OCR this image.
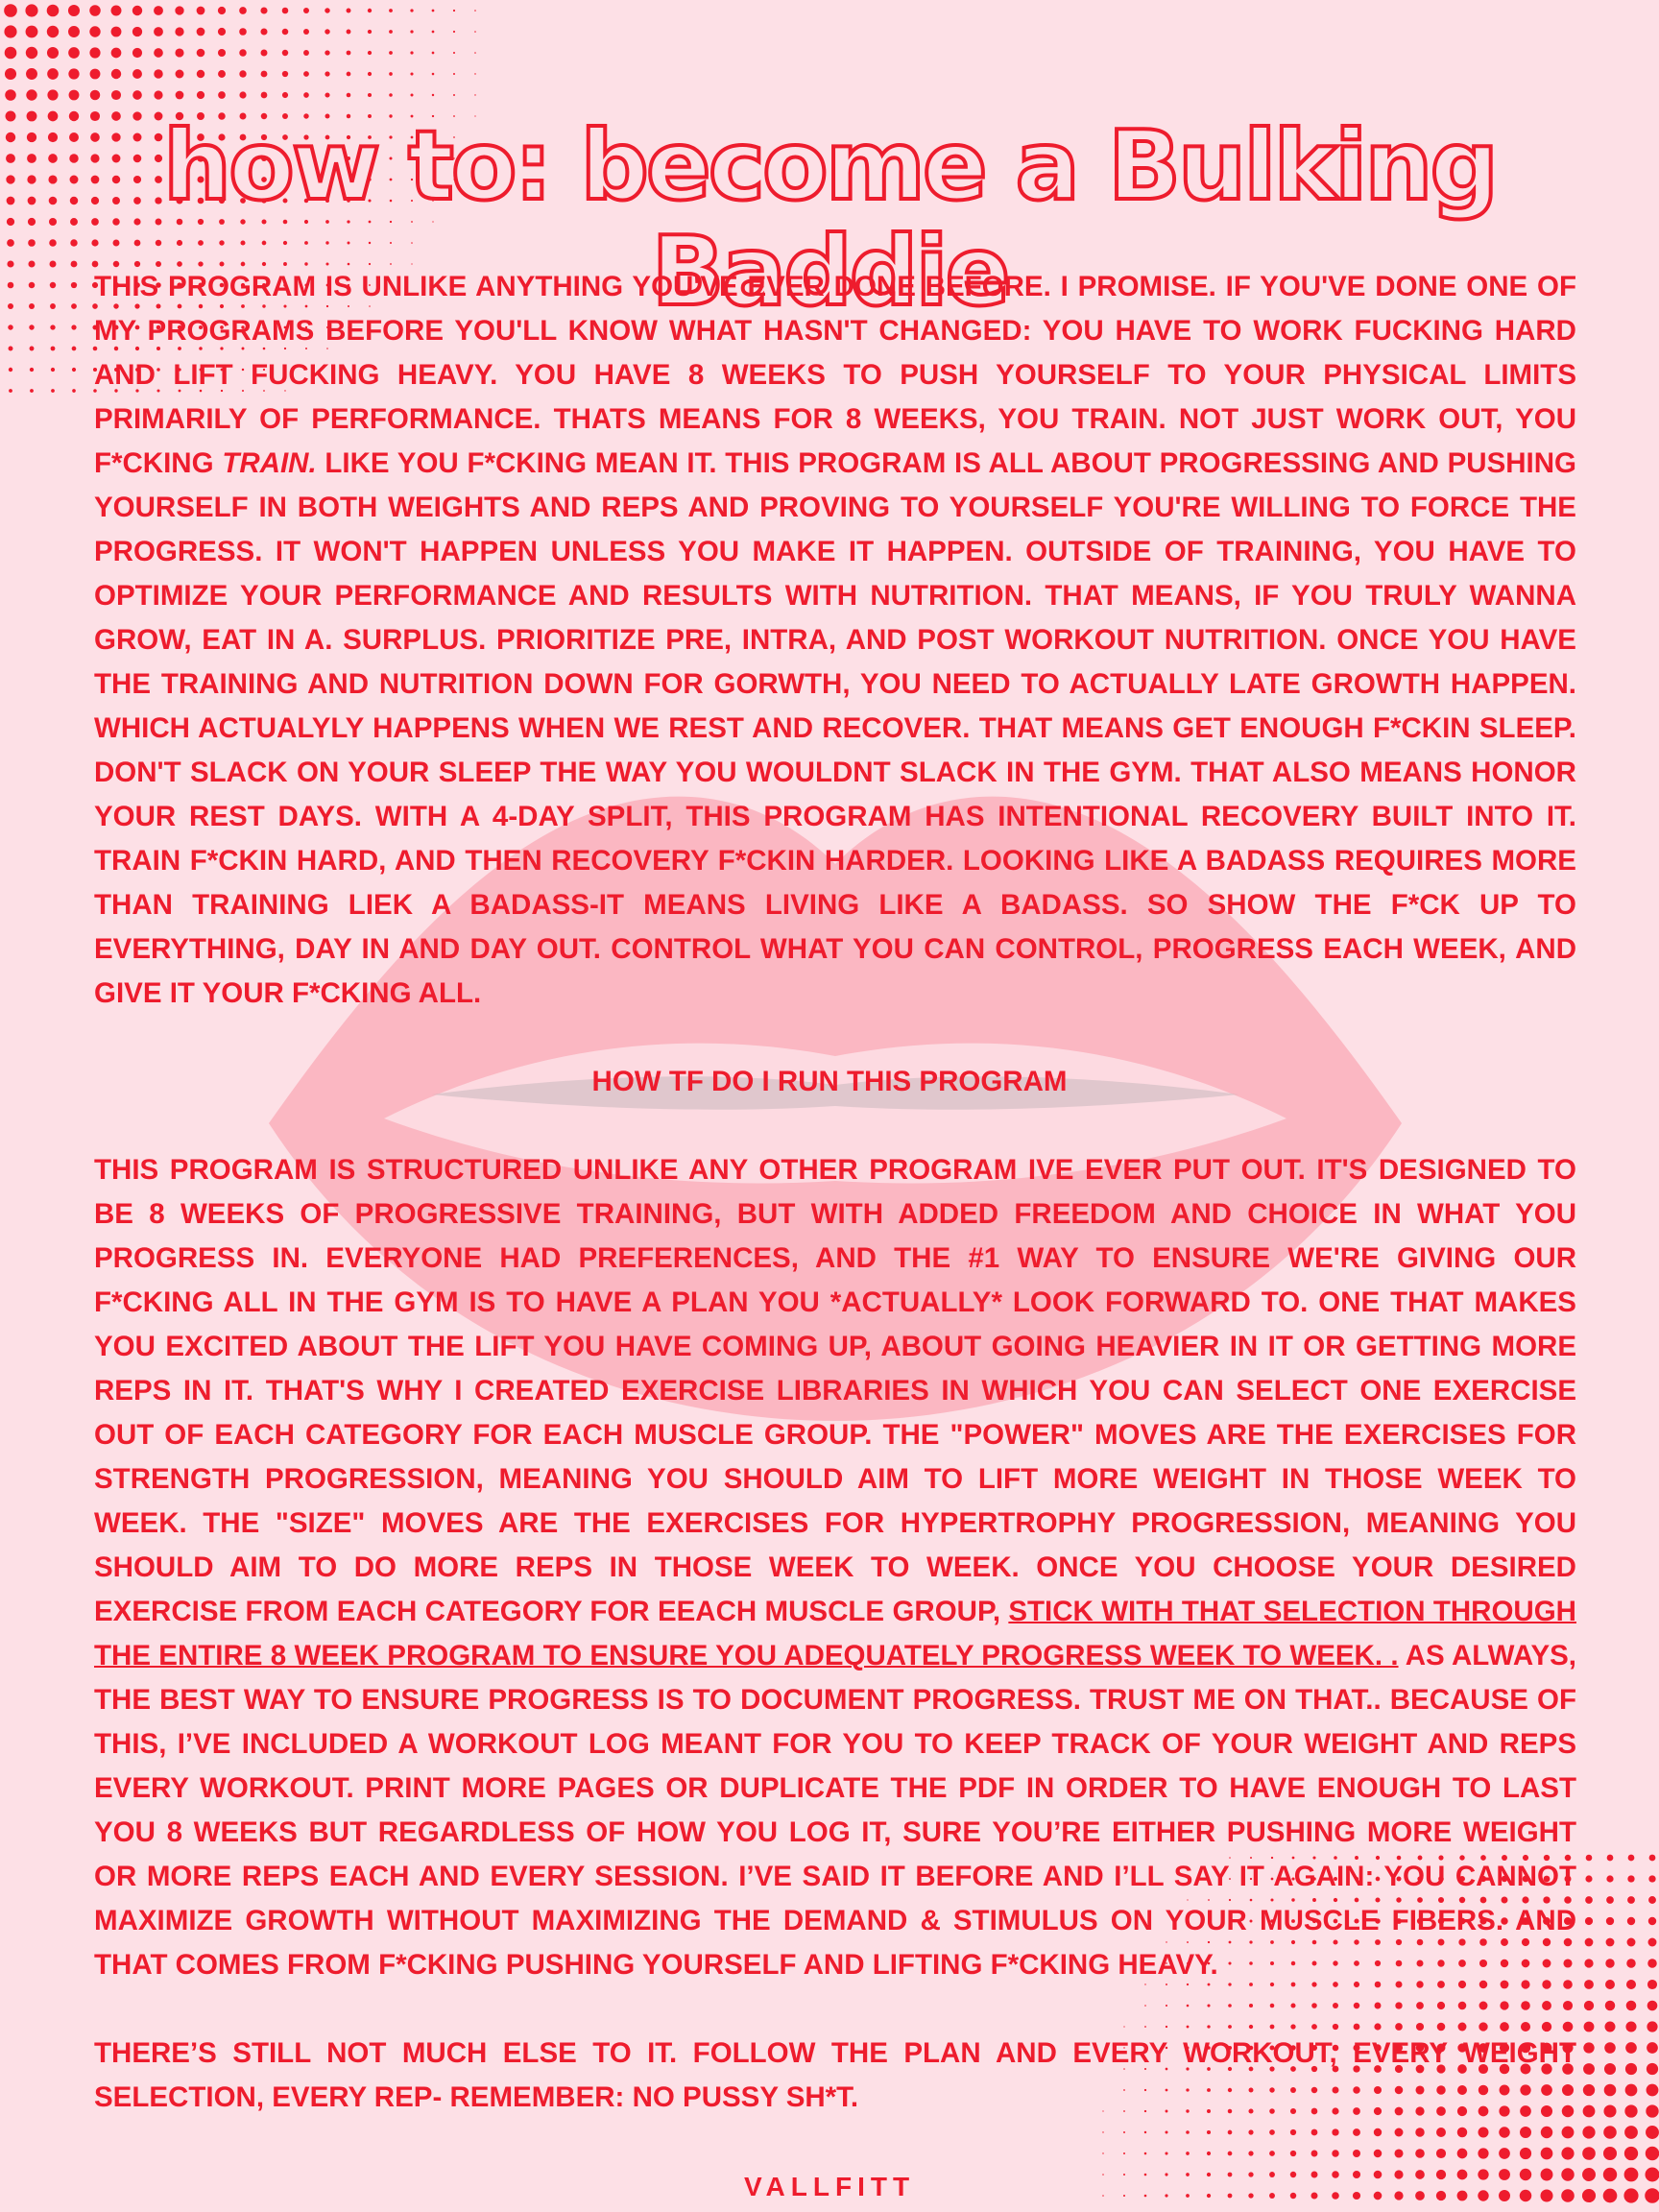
how to: become a Bulking Baddie

THIS PROGRAM IS UNLIKE ANYTHING YOU'VE EVER DONE BEFORE. I PROMISE. IF YOU'VE DONE ONE OF MY PROGRAMS BEFORE YOU'LL KNOW WHAT HASN'T CHANGED: YOU HAVE TO WORK FUCKING HARD AND LIFT FUCKING HEAVY. YOU HAVE 8 WEEKS TO PUSH YOURSELF TO YOUR PHYSICAL LIMITS PRIMARILY OF PERFORMANCE. THATS MEANS FOR 8 WEEKS, YOU TRAIN. NOT JUST WORK OUT, YOU F*CKING TRAIN. LIKE YOU F*CKING MEAN IT. THIS PROGRAM IS ALL ABOUT PROGRESSING AND PUSHING YOURSELF IN BOTH WEIGHTS AND REPS AND PROVING TO YOURSELF YOU'RE WILLING TO FORCE THE PROGRESS. IT WON'T HAPPEN UNLESS YOU MAKE IT HAPPEN. OUTSIDE OF TRAINING, YOU HAVE TO OPTIMIZE YOUR PERFORMANCE AND RESULTS WITH NUTRITION. THAT MEANS, IF YOU TRULY WANNA GROW, EAT IN A. SURPLUS. PRIORITIZE PRE, INTRA, AND POST WORKOUT NUTRITION. ONCE YOU HAVE THE TRAINING AND NUTRITION DOWN FOR GORWTH, YOU NEED TO ACTUALLY LATE GROWTH HAPPEN. WHICH ACTUALYLY HAPPENS WHEN WE REST AND RECOVER. THAT MEANS GET ENOUGH F*CKIN SLEEP. DON'T SLACK ON YOUR SLEEP THE WAY YOU WOULDNT SLACK IN THE GYM. THAT ALSO MEANS HONOR YOUR REST DAYS. WITH A 4-DAY SPLIT, THIS PROGRAM HAS INTENTIONAL RECOVERY BUILT INTO IT. TRAIN F*CKIN HARD, AND THEN RECOVERY F*CKIN HARDER. LOOKING LIKE A BADASS REQUIRES MORE THAN TRAINING LIEK A BADASS-IT MEANS LIVING LIKE A BADASS. SO SHOW THE F*CK UP TO EVERYTHING, DAY IN AND DAY OUT. CONTROL WHAT YOU CAN CONTROL, PROGRESS EACH WEEK, AND GIVE IT YOUR F*CKING ALL.

HOW TF DO I RUN THIS PROGRAM

THIS PROGRAM IS STRUCTURED UNLIKE ANY OTHER PROGRAM IVE EVER PUT OUT. IT'S DESIGNED TO BE 8 WEEKS OF PROGRESSIVE TRAINING, BUT WITH ADDED FREEDOM AND CHOICE IN WHAT YOU PROGRESS IN. EVERYONE HAD PREFERENCES, AND THE #1 WAY TO ENSURE WE'RE GIVING OUR F*CKING ALL IN THE GYM IS TO HAVE A PLAN YOU *ACTUALLY* LOOK FORWARD TO. ONE THAT MAKES YOU EXCITED ABOUT THE LIFT YOU HAVE COMING UP, ABOUT GOING HEAVIER IN IT OR GETTING MORE REPS IN IT. THAT'S WHY I CREATED EXERCISE LIBRARIES IN WHICH YOU CAN SELECT ONE EXERCISE OUT OF EACH CATEGORY FOR EACH MUSCLE GROUP. THE "POWER" MOVES ARE THE EXERCISES FOR STRENGTH PROGRESSION, MEANING YOU SHOULD AIM TO LIFT MORE WEIGHT IN THOSE WEEK TO WEEK. THE "SIZE" MOVES ARE THE EXERCISES FOR HYPERTROPHY PROGRESSION, MEANING YOU SHOULD AIM TO DO MORE REPS IN THOSE WEEK TO WEEK. ONCE YOU CHOOSE YOUR DESIRED EXERCISE FROM EACH CATEGORY FOR EEACH MUSCLE GROUP, STICK WITH THAT SELECTION THROUGH THE ENTIRE 8 WEEK PROGRAM TO ENSURE YOU ADEQUATELY PROGRESS WEEK TO WEEK. . AS ALWAYS, THE BEST WAY TO ENSURE PROGRESS IS TO DOCUMENT PROGRESS. TRUST ME ON THAT.. BECAUSE OF THIS, I’VE INCLUDED A WORKOUT LOG MEANT FOR YOU TO KEEP TRACK OF YOUR WEIGHT AND REPS EVERY WORKOUT. PRINT MORE PAGES OR DUPLICATE THE PDF IN ORDER TO HAVE ENOUGH TO LAST YOU 8 WEEKS BUT REGARDLESS OF HOW YOU LOG IT, SURE YOU’RE EITHER PUSHING MORE WEIGHT OR MORE REPS EACH AND EVERY SESSION. I’VE SAID IT BEFORE AND I’LL SAY IT AGAIN: YOU CANNOT MAXIMIZE GROWTH WITHOUT MAXIMIZING THE DEMAND & STIMULUS ON YOUR MUSCLE FIBERS. AND THAT COMES FROM F*CKING PUSHING YOURSELF AND LIFTING F*CKING HEAVY.

THERE’S STILL NOT MUCH ELSE TO IT. FOLLOW THE PLAN AND EVERY WORKOUT, EVERY WEIGHT SELECTION, EVERY REP- REMEMBER: NO PUSSY SH*T.

VALLFITT
